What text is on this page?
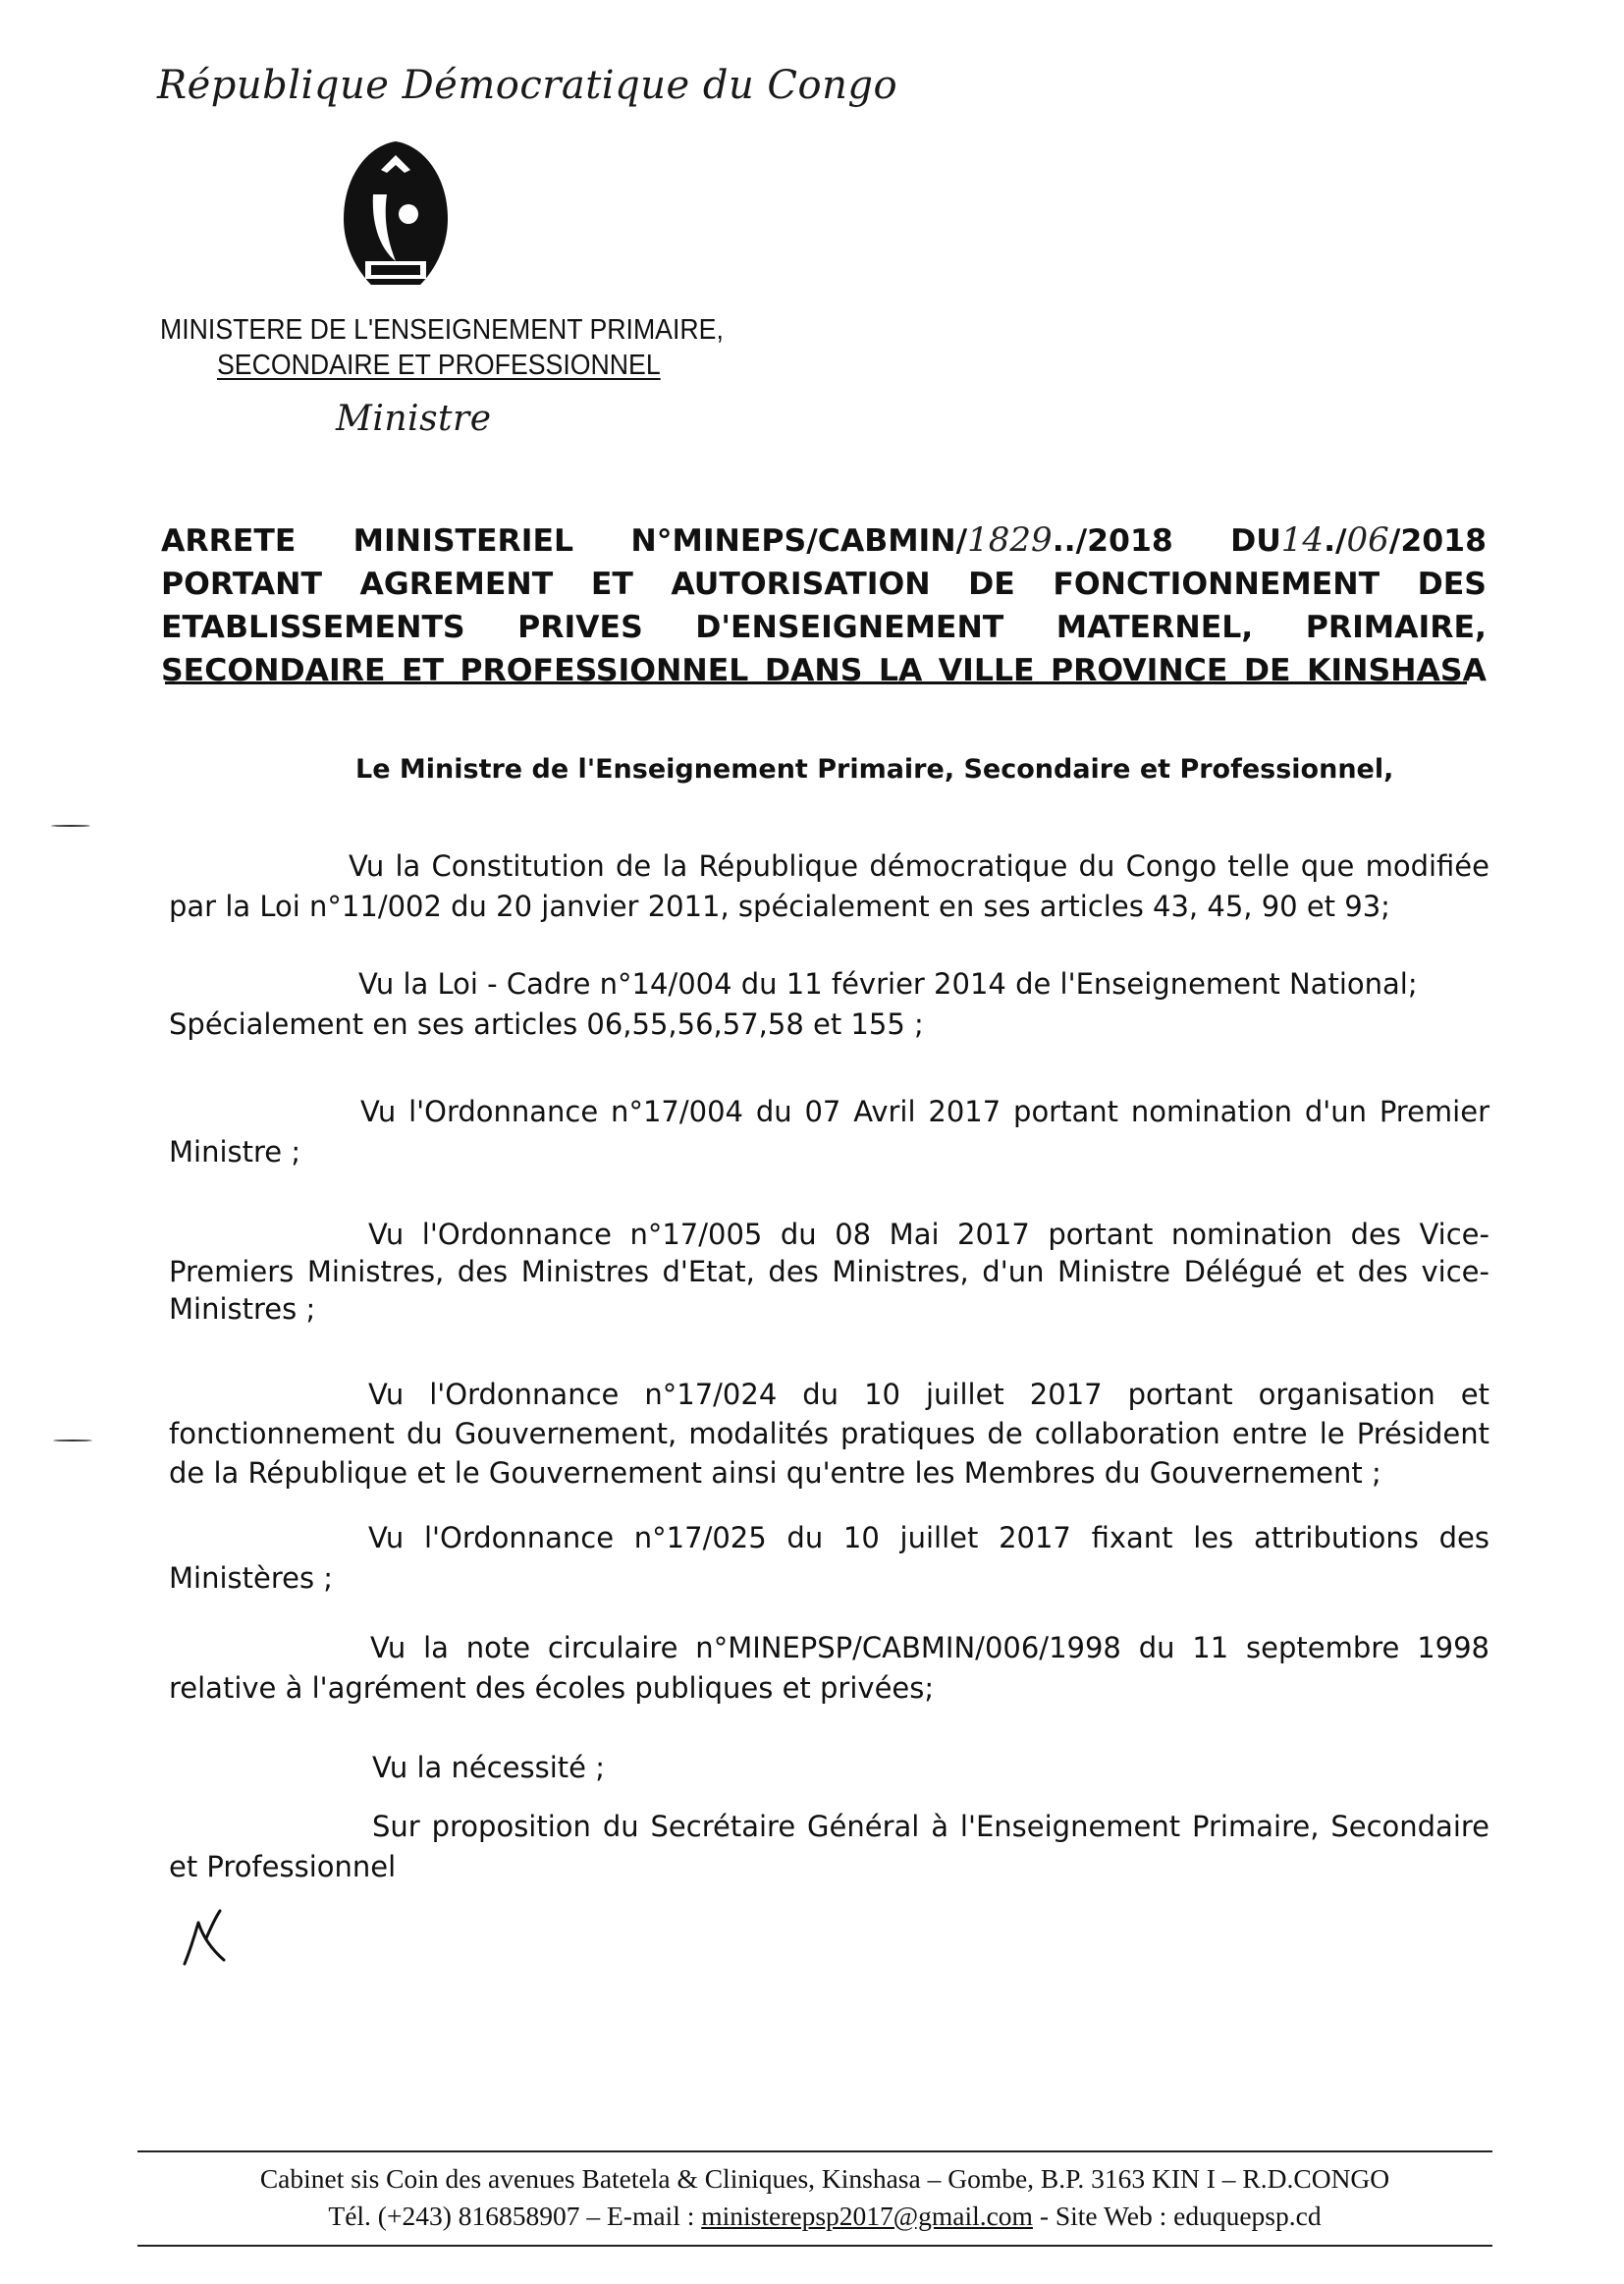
République Démocratique du Congo
MINISTERE DE L'ENSEIGNEMENT PRIMAIRE,
SECONDAIRE ET PROFESSIONNEL
Ministre
ARRETE MINISTERIEL N°MINEPS/CABMIN/1829../2018 DU14./06/2018
PORTANT AGREMENT ET AUTORISATION DE FONCTIONNEMENT DES
ETABLISSEMENTS PRIVES D'ENSEIGNEMENT MATERNEL, PRIMAIRE,
SECONDAIRE ET PROFESSIONNEL DANS LA VILLE PROVINCE DE KINSHASA
Le Ministre de l'Enseignement Primaire, Secondaire et Professionnel,
Vu la Constitution de la République démocratique du Congo telle que modifiée
par la Loi n°11/002 du 20 janvier 2011, spécialement en ses articles 43, 45, 90 et 93;
Vu la Loi - Cadre n°14/004 du 11 février 2014 de l'Enseignement National;
Spécialement en ses articles 06,55,56,57,58 et 155 ;
Vu l'Ordonnance n°17/004 du 07 Avril 2017 portant nomination d'un Premier
Ministre ;
Vu l'Ordonnance n°17/005 du 08 Mai 2017 portant nomination des Vice-
Premiers Ministres, des Ministres d'Etat, des Ministres, d'un Ministre Délégué et des vice-
Ministres ;
Vu l'Ordonnance n°17/024 du 10 juillet 2017 portant organisation et
fonctionnement du Gouvernement, modalités pratiques de collaboration entre le Président
de la République et le Gouvernement ainsi qu'entre les Membres du Gouvernement ;
Vu l'Ordonnance n°17/025 du 10 juillet 2017 fixant les attributions des
Ministères ;
Vu la note circulaire n°MINEPSP/CABMIN/006/1998 du 11 septembre 1998
relative à l'agrément des écoles publiques et privées;
Vu la nécessité ;
Sur proposition du Secrétaire Général à l'Enseignement Primaire, Secondaire
et Professionnel
Cabinet sis Coin des avenues Batetela & Cliniques, Kinshasa – Gombe, B.P. 3163 KIN I – R.D.CONGO
Tél. (+243) 816858907 – E-mail : ministerepsp2017@gmail.com - Site Web : eduquepsp.cd
